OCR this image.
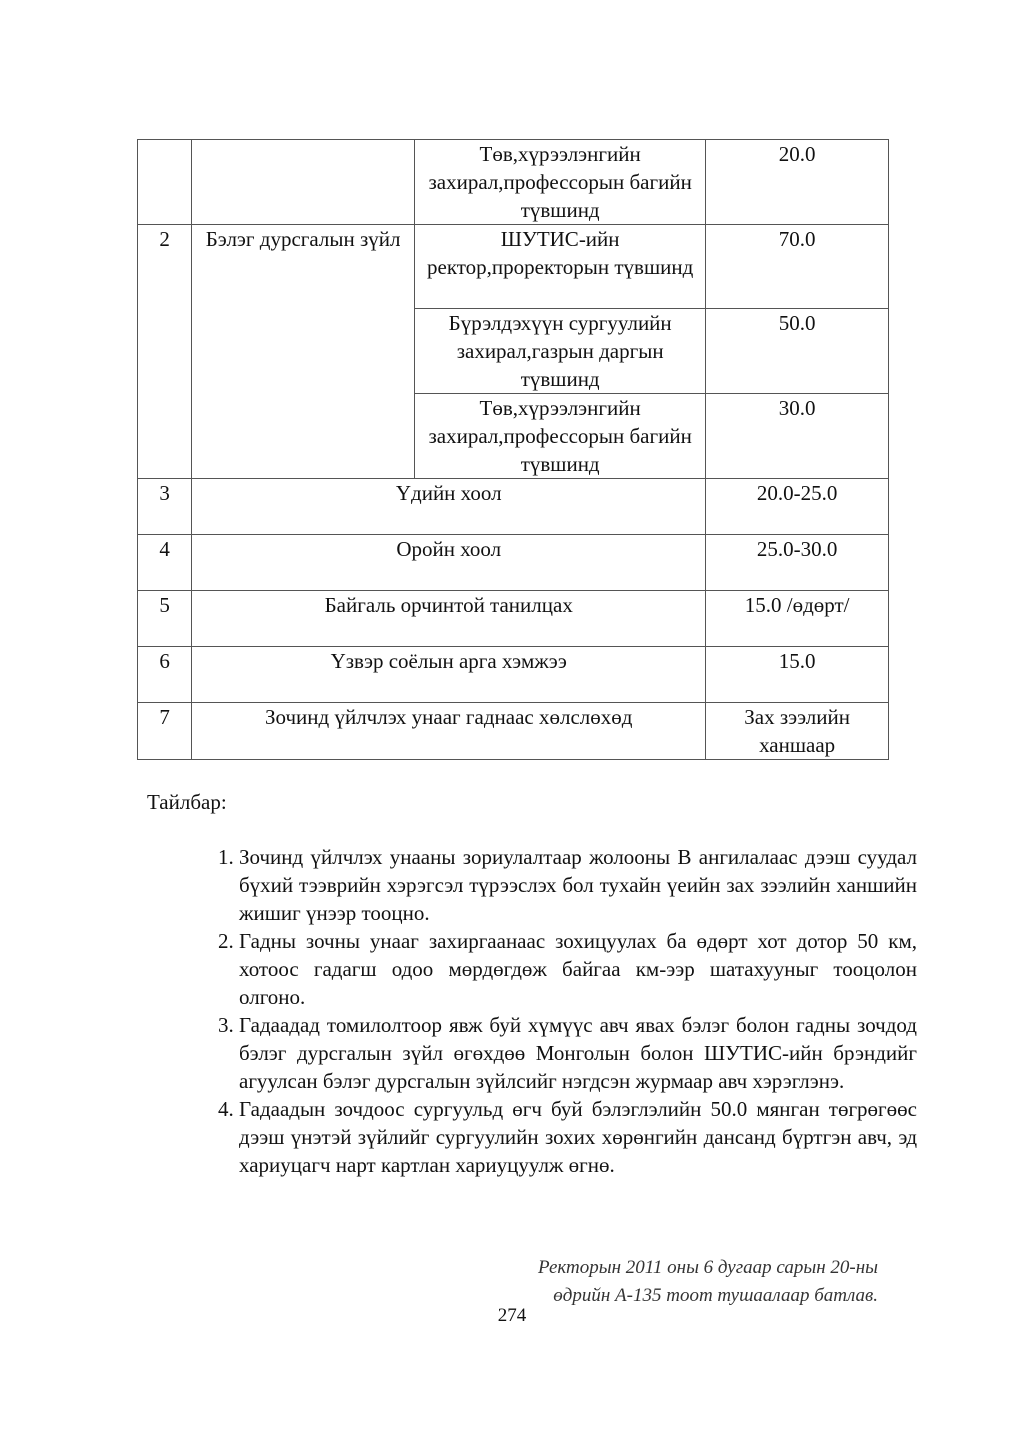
		Төв,хүрээлэнгийн захирал,профессорын багийн түвшинд	20.0
2	Бэлэг дурсгалын зүйл	ШУТИС-ийн ректор,проректорын түвшинд	70.0
		Бүрэлдэхүүн сургуулийн захирал,газрын даргын түвшинд	50.0
		Төв,хүрээлэнгийн захирал,профессорын багийн түвшинд	30.0
3	Үдийн хоол		20.0-25.0
4	Оройн хоол		25.0-30.0
5	Байгаль орчинтой танилцах		15.0 /өдөрт/
6	Үзвэр соёлын арга хэмжээ		15.0
7	Зочинд үйлчлэх унааг гаднаас хөлслөхөд		Зах зээлийн ханшаар
Тайлбар:
1. Зочинд үйлчлэх унааны зориулалтаар жолооны В ангилалаас дээш суудал бүхий тээврийн хэрэгсэл түрээслэх бол тухайн үеийн зах зээлийн ханшийн жишиг үнээр тооцно.
2. Гадны зочны унааг захиргаанаас зохицуулах ба өдөрт хот дотор 50 км, хотоос гадагш одоо мөрдөгдөж байгаа км-ээр шатахууныг тооцолон олгоно.
3. Гадаадад томилолтоор явж буй хүмүүс авч явах бэлэг болон гадны зочдод бэлэг дурсгалын зүйл өгөхдөө Монголын болон ШУТИС-ийн брэндийг агуулсан бэлэг дурсгалын зүйлсийг нэгдсэн журмаар авч хэрэглэнэ.
4. Гадаадын зочдоос сургуульд өгч буй бэлэглэлийн 50.0 мянган төгрөгөөс дээш үнэтэй зүйлийг сургуулийн зохих хөрөнгийн дансанд бүртгэн авч, эд хариуцагч нарт картлан хариуцуулж өгнө.
Ректорын 2011 оны 6 дугаар сарын 20-ны
өдрийн А-135 тоот тушаалаар батлав.
274
